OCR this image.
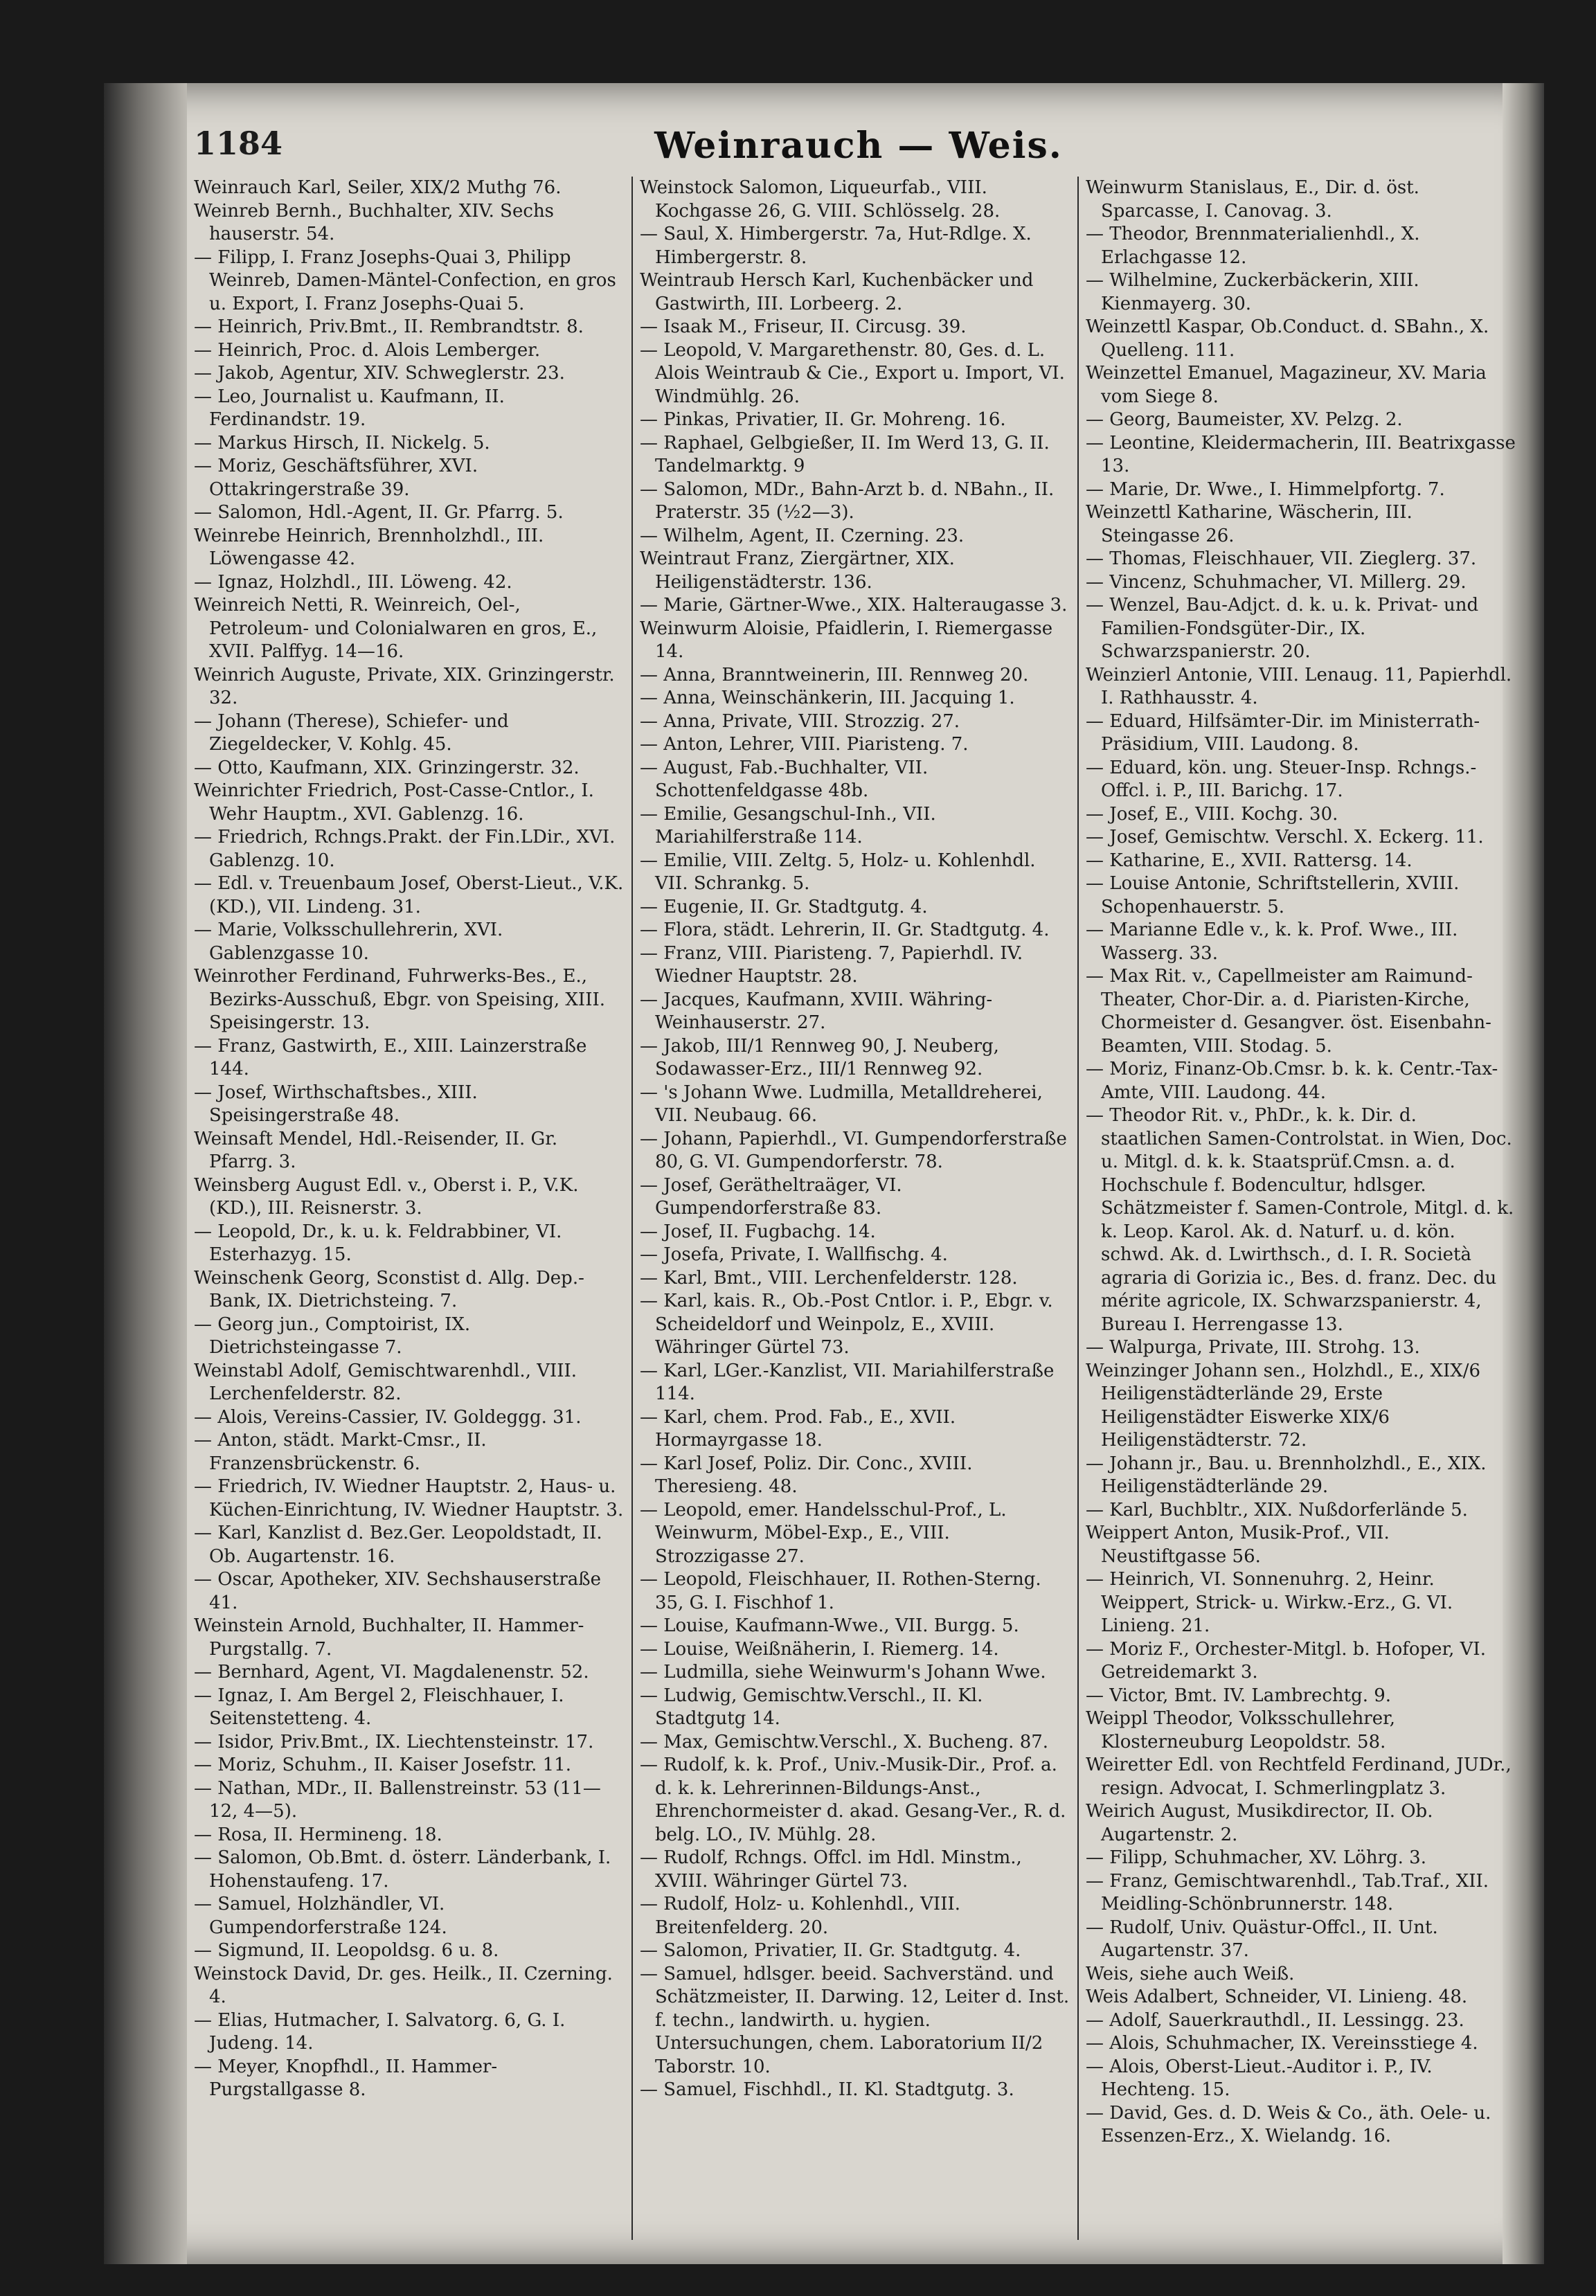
1184	Weinrauch — Weis.

Weinrauch Karl, Seiler, XIX/2 Muthg 76.

Weinreb Bernh., Buchhalter, XIV. Sechs hauserstr. 54.

— Filipp, I. Franz Josephs-Quai 3, Philipp Weinreb, Damen-Mäntel-Confection, en gros u. Export, I. Franz Josephs-Quai 5.

— Heinrich, Priv.Bmt., II. Rembrandtstr. 8.

— Heinrich, Proc. d. Alois Lemberger.

— Jakob, Agentur, XIV. Schweglerstr. 23.

— Leo, Journalist u. Kaufmann, II. Ferdinandstr. 19.

— Markus Hirsch, II. Nickelg. 5.

— Moriz, Geschäftsführer, XVI. Ottakringerstraße 39.

— Salomon, Hdl.-Agent, II. Gr. Pfarrg. 5.

Weinrebe Heinrich, Brennholzhdl., III. Löwengasse 42.

— Ignaz, Holzhdl., III. Löweng. 42.

Weinreich Netti, R. Weinreich, Oel-, Petroleum- und Colonialwaren en gros, E., XVII. Palffyg. 14—16.

Weinrich Auguste, Private, XIX. Grinzingerstr. 32.

— Johann (Therese), Schiefer- und Ziegeldecker, V. Kohlg. 45.

— Otto, Kaufmann, XIX. Grinzingerstr. 32.

Weinrichter Friedrich, Post-Casse-Cntlor., I. Wehr Hauptm., XVI. Gablenzg. 16.

— Friedrich, Rchngs.Prakt. der Fin.LDir., XVI. Gablenzg. 10.

— Edl. v. Treuenbaum Josef, Oberst-Lieut., V.K. (KD.), VII. Lindeng. 31.

— Marie, Volksschullehrerin, XVI. Gablenzgasse 10.

Weinrother Ferdinand, Fuhrwerks-Bes., E., Bezirks-Ausschuß, Ebgr. von Speising, XIII. Speisingerstr. 13.

— Franz, Gastwirth, E., XIII. Lainzerstraße 144.

— Josef, Wirthschaftsbes., XIII. Speisingerstraße 48.

Weinsaft Mendel, Hdl.-Reisender, II. Gr. Pfarrg. 3.

Weinsberg August Edl. v., Oberst i. P., V.K. (KD.), III. Reisnerstr. 3.

— Leopold, Dr., k. u. k. Feldrabbiner, VI. Esterhazyg. 15.

Weinschenk Georg, Sconstist d. Allg. Dep.-Bank, IX. Dietrichsteing. 7.

— Georg jun., Comptoirist, IX. Dietrichsteingasse 7.

Weinstabl Adolf, Gemischtwarenhdl., VIII. Lerchenfelderstr. 82.

— Alois, Vereins-Cassier, IV. Goldeggg. 31.

— Anton, städt. Markt-Cmsr., II. Franzensbrückenstr. 6.

— Friedrich, IV. Wiedner Hauptstr. 2, Haus- u. Küchen-Einrichtung, IV. Wiedner Hauptstr. 3.

— Karl, Kanzlist d. Bez.Ger. Leopoldstadt, II. Ob. Augartenstr. 16.

— Oscar, Apotheker, XIV. Sechshauserstraße 41.

Weinstein Arnold, Buchhalter, II. Hammer-Purgstallg. 7.

— Bernhard, Agent, VI. Magdalenenstr. 52.

— Ignaz, I. Am Bergel 2, Fleischhauer, I. Seitenstetteng. 4.

— Isidor, Priv.Bmt., IX. Liechtensteinstr. 17.

— Moriz, Schuhm., II. Kaiser Josefstr. 11.

— Nathan, MDr., II. Ballenstreinstr. 53 (11—12, 4—5).

— Rosa, II. Hermineng. 18.

— Salomon, Ob.Bmt. d. österr. Länderbank, I. Hohenstaufeng. 17.

— Samuel, Holzhändler, VI. Gumpendorferstraße 124.

— Sigmund, II. Leopoldsg. 6 u. 8.

Weinstock David, Dr. ges. Heilk., II. Czerning. 4.

— Elias, Hutmacher, I. Salvatorg. 6, G. I. Judeng. 14.

— Meyer, Knopfhdl., II. Hammer-Purgstallgasse 8.

Weinstock Salomon, Liqueurfab., VIII. Kochgasse 26, G. VIII. Schlösselg. 28.

— Saul, X. Himbergerstr. 7a, Hut-Rdlge. X. Himbergerstr. 8.

Weintraub Hersch Karl, Kuchenbäcker und Gastwirth, III. Lorbeerg. 2.

— Isaak M., Friseur, II. Circusg. 39.

— Leopold, V. Margarethenstr. 80, Ges. d. L. Alois Weintraub & Cie., Export u. Import, VI. Windmühlg. 26.

— Pinkas, Privatier, II. Gr. Mohreng. 16.

— Raphael, Gelbgießer, II. Im Werd 13, G. II. Tandelmarktg. 9

— Salomon, MDr., Bahn-Arzt b. d. NBahn., II. Praterstr. 35 (½2—3).

— Wilhelm, Agent, II. Czerning. 23.

Weintraut Franz, Ziergärtner, XIX. Heiligenstädterstr. 136.

— Marie, Gärtner-Wwe., XIX. Halteraugasse 3.

Weinwurm Aloisie, Pfaidlerin, I. Riemergasse 14.

— Anna, Branntweinerin, III. Rennweg 20.

— Anna, Weinschänkerin, III. Jacquing 1.

— Anna, Private, VIII. Strozzig. 27.

— Anton, Lehrer, VIII. Piaristeng. 7.

— August, Fab.-Buchhalter, VII. Schottenfeldgasse 48b.

— Emilie, Gesangschul-Inh., VII. Mariahilferstraße 114.

— Emilie, VIII. Zeltg. 5, Holz- u. Kohlenhdl. VII. Schrankg. 5.

— Eugenie, II. Gr. Stadtgutg. 4.

— Flora, städt. Lehrerin, II. Gr. Stadtgutg. 4.

— Franz, VIII. Piaristeng. 7, Papierhdl. IV. Wiedner Hauptstr. 28.

— Jacques, Kaufmann, XVIII. Währing-Weinhauserstr. 27.

— Jakob, III/1 Rennweg 90, J. Neuberg, Sodawasser-Erz., III/1 Rennweg 92.

— 's Johann Wwe. Ludmilla, Metalldreherei, VII. Neubaug. 66.

— Johann, Papierhdl., VI. Gumpendorferstraße 80, G. VI. Gumpendorferstr. 78.

— Josef, Gerätheltraäger, VI. Gumpendorferstraße 83.

— Josef, II. Fugbachg. 14.

— Josefa, Private, I. Wallfischg. 4.

— Karl, Bmt., VIII. Lerchenfelderstr. 128.

— Karl, kais. R., Ob.-Post Cntlor. i. P., Ebgr. v. Scheideldorf und Weinpolz, E., XVIII. Währinger Gürtel 73.

— Karl, LGer.-Kanzlist, VII. Mariahilferstraße 114.

— Karl, chem. Prod. Fab., E., XVII. Hormayrgasse 18.

— Karl Josef, Poliz. Dir. Conc., XVIII. Theresieng. 48.

— Leopold, emer. Handelsschul-Prof., L. Weinwurm, Möbel-Exp., E., VIII. Strozzigasse 27.

— Leopold, Fleischhauer, II. Rothen-Sterng. 35, G. I. Fischhof 1.

— Louise, Kaufmann-Wwe., VII. Burgg. 5.

— Louise, Weißnäherin, I. Riemerg. 14.

— Ludmilla, siehe Weinwurm's Johann Wwe.

— Ludwig, Gemischtw.Verschl., II. Kl. Stadtgutg 14.

— Max, Gemischtw.Verschl., X. Bucheng. 87.

— Rudolf, k. k. Prof., Univ.-Musik-Dir., Prof. a. d. k. k. Lehrerinnen-Bildungs-Anst., Ehrenchormeister d. akad. Gesang-Ver., R. d. belg. LO., IV. Mühlg. 28.

— Rudolf, Rchngs. Offcl. im Hdl. Minstm., XVIII. Währinger Gürtel 73.

— Rudolf, Holz- u. Kohlenhdl., VIII. Breitenfelderg. 20.

— Salomon, Privatier, II. Gr. Stadtgutg. 4.

— Samuel, hdlsger. beeid. Sachverständ. und Schätzmeister, II. Darwing. 12, Leiter d. Inst. f. techn., landwirth. u. hygien. Untersuchungen, chem. Laboratorium II/2 Taborstr. 10.

— Samuel, Fischhdl., II. Kl. Stadtgutg. 3.

Weinwurm Stanislaus, E., Dir. d. öst. Sparcasse, I. Canovag. 3.

— Theodor, Brennmaterialienhdl., X. Erlachgasse 12.

— Wilhelmine, Zuckerbäckerin, XIII. Kienmayerg. 30.

Weinzettl Kaspar, Ob.Conduct. d. SBahn., X. Quelleng. 111.

Weinzettel Emanuel, Magazineur, XV. Maria vom Siege 8.

— Georg, Baumeister, XV. Pelzg. 2.

— Leontine, Kleidermacherin, III. Beatrixgasse 13.

— Marie, Dr. Wwe., I. Himmelpfortg. 7.

Weinzettl Katharine, Wäscherin, III. Steingasse 26.

— Thomas, Fleischhauer, VII. Zieglerg. 37.

— Vincenz, Schuhmacher, VI. Millerg. 29.

— Wenzel, Bau-Adjct. d. k. u. k. Privat- und Familien-Fondsgüter-Dir., IX. Schwarzspanierstr. 20.

Weinzierl Antonie, VIII. Lenaug. 11, Papierhdl. I. Rathhausstr. 4.

— Eduard, Hilfsämter-Dir. im Ministerrath-Präsidium, VIII. Laudong. 8.

— Eduard, kön. ung. Steuer-Insp. Rchngs.-Offcl. i. P., III. Barichg. 17.

— Josef, E., VIII. Kochg. 30.

— Josef, Gemischtw. Verschl. X. Eckerg. 11.

— Katharine, E., XVII. Rattersg. 14.

— Louise Antonie, Schriftstellerin, XVIII. Schopenhauerstr. 5.

— Marianne Edle v., k. k. Prof. Wwe., III. Wasserg. 33.

— Max Rit. v., Capellmeister am Raimund-Theater, Chor-Dir. a. d. Piaristen-Kirche, Chormeister d. Gesangver. öst. Eisenbahn-Beamten, VIII. Stodag. 5.

— Moriz, Finanz-Ob.Cmsr. b. k. k. Centr.-Tax-Amte, VIII. Laudong. 44.

— Theodor Rit. v., PhDr., k. k. Dir. d. staatlichen Samen-Controlstat. in Wien, Doc. u. Mitgl. d. k. k. Staatsprüf.Cmsn. a. d. Hochschule f. Bodencultur, hdlsger. Schätzmeister f. Samen-Controle, Mitgl. d. k. k. Leop. Karol. Ak. d. Naturf. u. d. kön. schwd. Ak. d. Lwirthsch., d. I. R. Società agraria di Gorizia ic., Bes. d. franz. Dec. du mérite agricole, IX. Schwarzspanierstr. 4, Bureau I. Herrengasse 13.

— Walpurga, Private, III. Strohg. 13.

Weinzinger Johann sen., Holzhdl., E., XIX/6 Heiligenstädterlände 29, Erste Heiligenstädter Eiswerke XIX/6 Heiligenstädterstr. 72.

— Johann jr., Bau. u. Brennholzhdl., E., XIX. Heiligenstädterlände 29.

— Karl, Buchbltr., XIX. Nußdorferlände 5.

Weippert Anton, Musik-Prof., VII. Neustiftgasse 56.

— Heinrich, VI. Sonnenuhrg. 2, Heinr. Weippert, Strick- u. Wirkw.-Erz., G. VI. Linieng. 21.

— Moriz F., Orchester-Mitgl. b. Hofoper, VI. Getreidemarkt 3.

— Victor, Bmt. IV. Lambrechtg. 9.

Weippl Theodor, Volksschullehrer, Klosterneuburg Leopoldstr. 58.

Weiretter Edl. von Rechtfeld Ferdinand, JUDr., resign. Advocat, I. Schmerlingplatz 3.

Weirich August, Musikdirector, II. Ob. Augartenstr. 2.

— Filipp, Schuhmacher, XV. Löhrg. 3.

— Franz, Gemischtwarenhdl., Tab.Traf., XII. Meidling-Schönbrunnerstr. 148.

— Rudolf, Univ. Quästur-Offcl., II. Unt. Augartenstr. 37.

Weis, siehe auch Weiß.

Weis Adalbert, Schneider, VI. Linieng. 48.

— Adolf, Sauerkrauthdl., II. Lessingg. 23.

— Alois, Schuhmacher, IX. Vereinsstiege 4.

— Alois, Oberst-Lieut.-Auditor i. P., IV. Hechteng. 15.

— David, Ges. d. D. Weis & Co., äth. Oele- u. Essenzen-Erz., X. Wielandg. 16.
